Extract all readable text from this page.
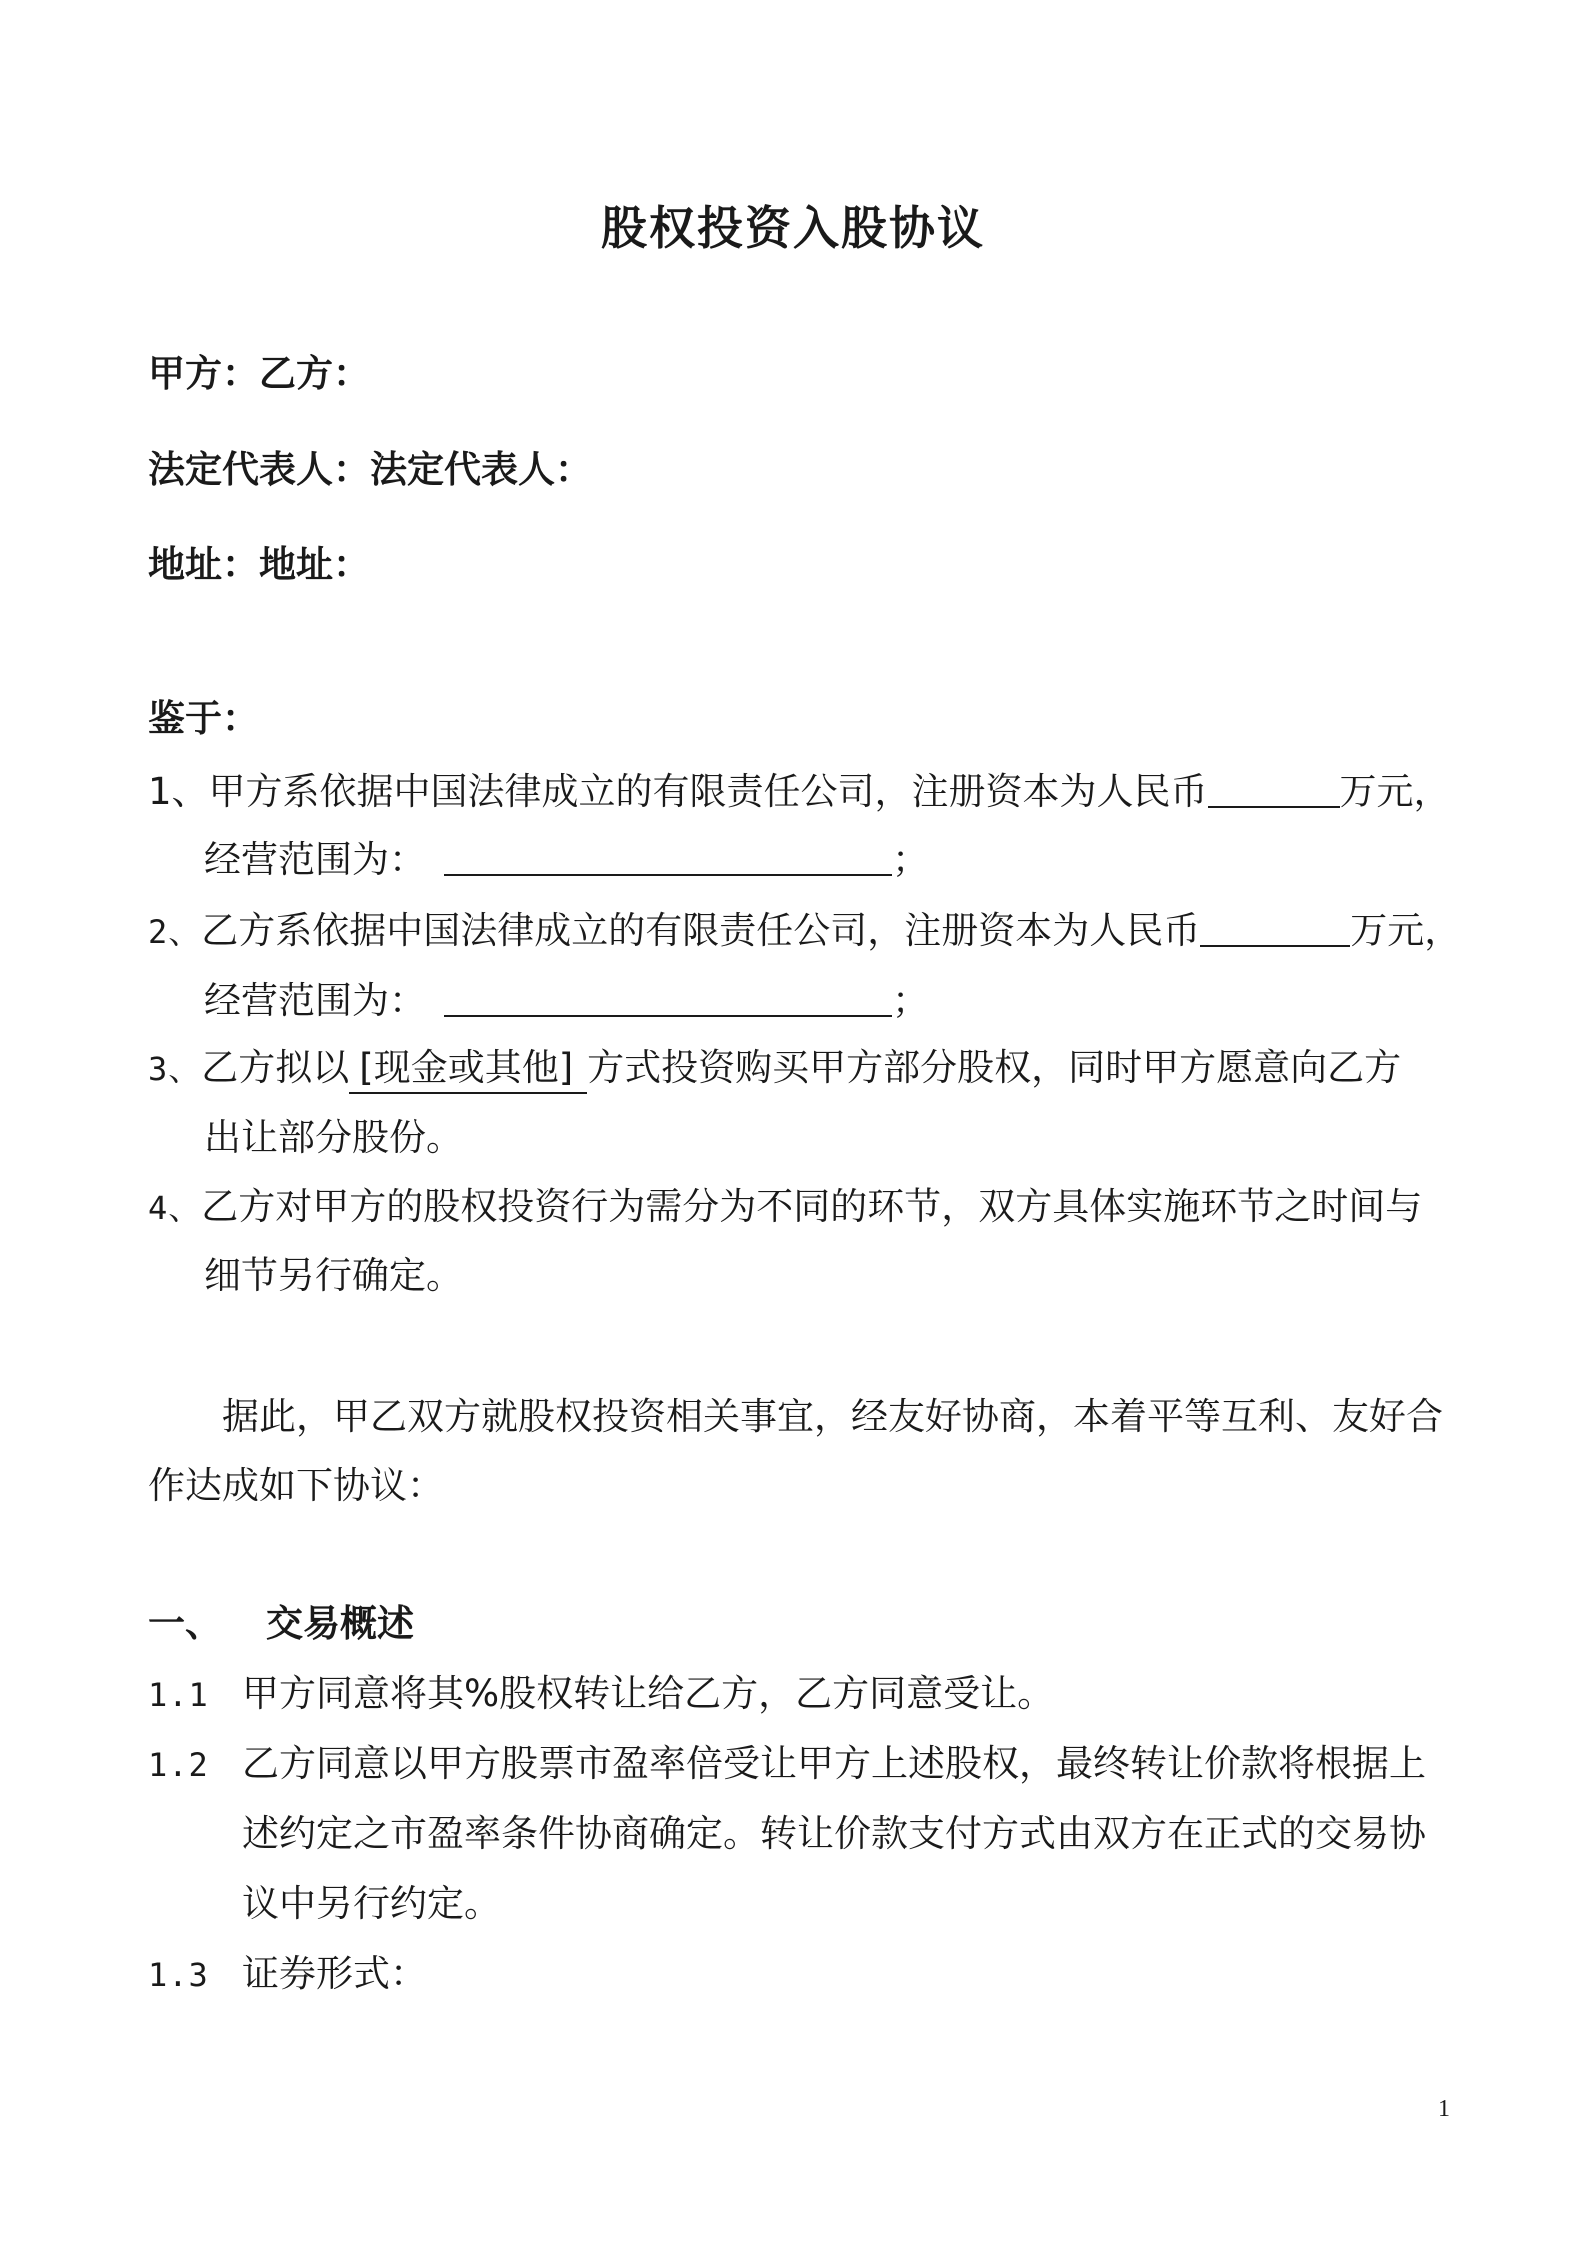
股权投资入股协议
甲方：乙方：
法定代表人：法定代表人：
地址：地址：
鉴于：
1、甲方系依据中国法律成立的有限责任公司，注册资本为人民币	万元，
经营范围为：	；
2、乙方系依据中国法律成立的有限责任公司，注册资本为人民币	万元，
经营范围为：	；
3、乙方拟以 [现金或其他] 方式投资购买甲方部分股权，同时甲方愿意向乙方
出让部分股份。
4、乙方对甲方的股权投资行为需分为不同的环节，双方具体实施环节之时间与
细节另行确定。
据此，甲乙双方就股权投资相关事宜，经友好协商，本着平等互利、友好合
作达成如下协议：
一、 交易概述
1.1 甲方同意将其%股权转让给乙方，乙方同意受让。
1.2 乙方同意以甲方股票市盈率倍受让甲方上述股权，最终转让价款将根据上
述约定之市盈率条件协商确定。转让价款支付方式由双方在正式的交易协
议中另行约定。
1.3 证券形式：
1
